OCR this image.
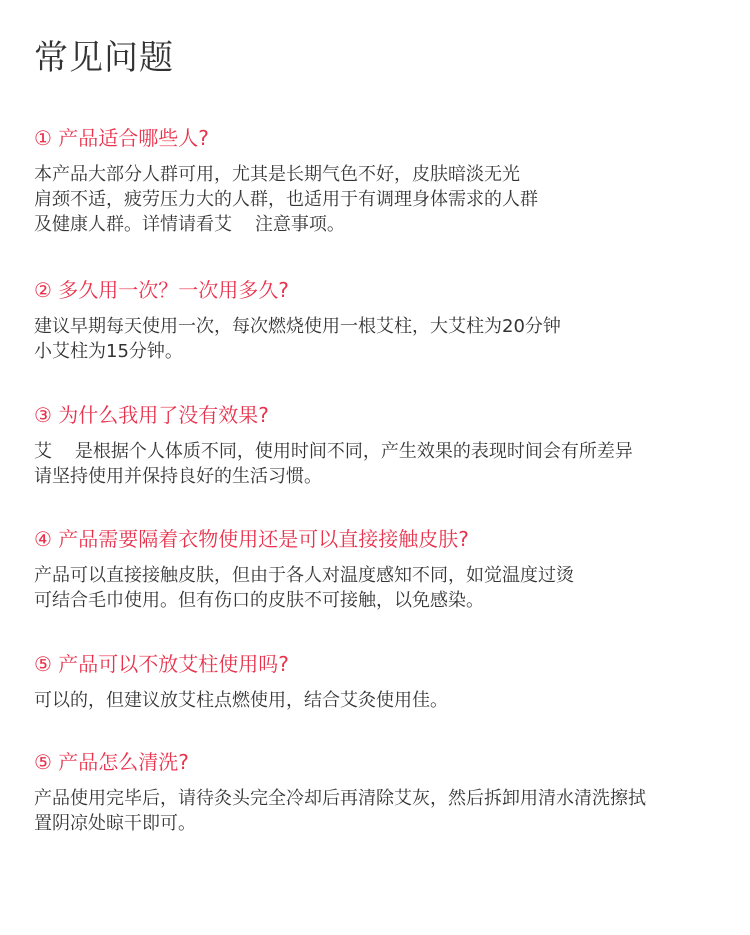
常见问题
① 产品适合哪些人?
本产品大部分人群可用，尤其是长期气色不好，皮肤暗淡无光
肩颈不适，疲劳压力大的人群，也适用于有调理身体需求的人群
及健康人群。详情请看艾    注意事项。
② 多久用一次？一次用多久?
建议早期每天使用一次，每次燃烧使用一根艾柱，大艾柱为20分钟
小艾柱为15分钟。
③ 为什么我用了没有效果?
艾    是根据个人体质不同，使用时间不同，产生效果的表现时间会有所差异
请坚持使用并保持良好的生活习惯。
④ 产品需要隔着衣物使用还是可以直接接触皮肤?
产品可以直接接触皮肤，但由于各人对温度感知不同，如觉温度过烫
可结合毛巾使用。但有伤口的皮肤不可接触，以免感染。
⑤ 产品可以不放艾柱使用吗?
可以的，但建议放艾柱点燃使用，结合艾灸使用佳。
⑤ 产品怎么清洗?
产品使用完毕后，请待灸头完全冷却后再清除艾灰，然后拆卸用清水清洗擦拭
置阴凉处晾干即可。
